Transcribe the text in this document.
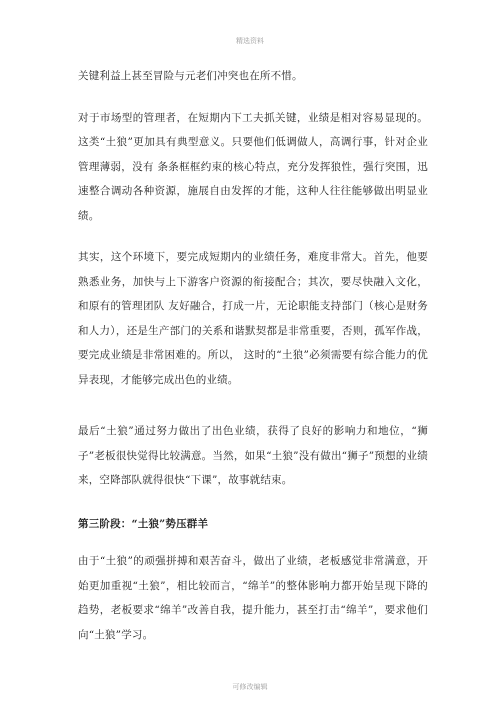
精选资料

关键利益上甚至冒险与元老们冲突也在所不惜。

对于市场型的管理者，在短期内下工夫抓关键，业绩是相对容易显现的。这类“土狼”更加具有典型意义。只要他们低调做人，高调行事，针对企业管理薄弱，没有 条条框框约束的核心特点，充分发挥狼性，强行突围，迅速整合调动各种资源，施展自由发挥的才能，这种人往往能够做出明显业绩。

其实，这个环境下，要完成短期内的业绩任务，难度非常大。首先，他要熟悉业务，加快与上下游客户资源的衔接配合；其次，要尽快融入文化，和原有的管理团队 友好融合，打成一片，无论职能支持部门（核心是财务和人力），还是生产部门的关系和谐默契都是非常重要，否则，孤军作战，要完成业绩是非常困难的。所以， 这时的“土狼”必须需要有综合能力的优异表现，才能够完成出色的业绩。

最后“土狼”通过努力做出了出色业绩，获得了良好的影响力和地位，“狮子”老板很快觉得比较满意。当然，如果“土狼”没有做出“狮子”预想的业绩来，空降部队就得很快“下课”，故事就结束。

第三阶段：“土狼”势压群羊

由于“土狼”的顽强拼搏和艰苦奋斗，做出了业绩，老板感觉非常满意，开始更加重视“土狼”，相比较而言，“绵羊”的整体影响力都开始呈现下降的趋势，老板要求“绵羊”改善自我，提升能力，甚至打击“绵羊”，要求他们向“土狼”学习。

可修改编辑
